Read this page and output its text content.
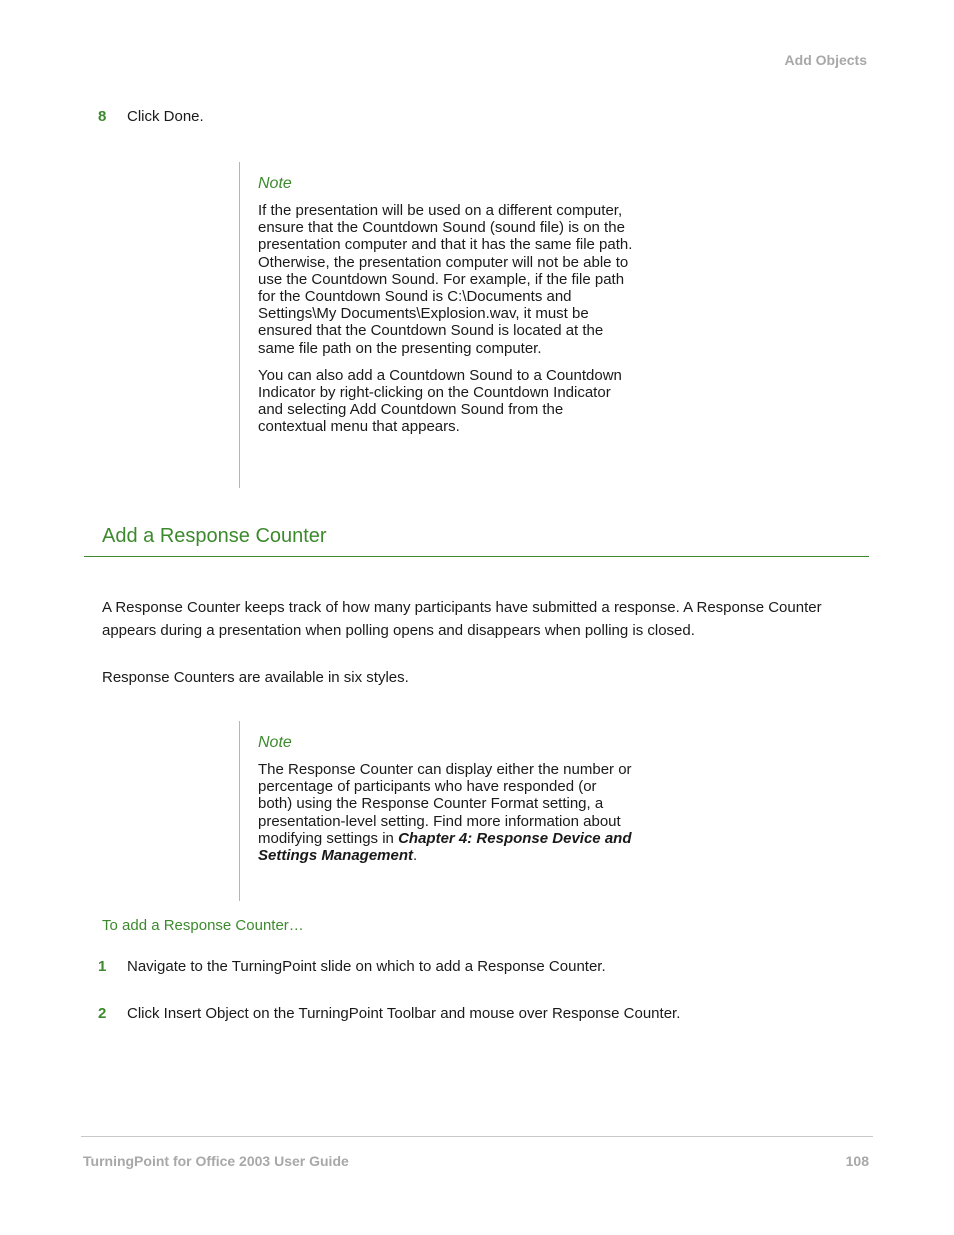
Add Objects
8 Click Done.
Note

If the presentation will be used on a different computer, ensure that the Countdown Sound (sound file) is on the presentation computer and that it has the same file path. Otherwise, the presentation computer will not be able to use the Countdown Sound. For example, if the file path for the Countdown Sound is C:\Documents and Settings\My Documents\Explosion.wav, it must be ensured that the Countdown Sound is located at the same file path on the presenting computer.

You can also add a Countdown Sound to a Countdown Indicator by right-clicking on the Countdown Indicator and selecting Add Countdown Sound from the contextual menu that appears.

Add a Response Counter

A Response Counter keeps track of how many participants have submitted a response. A Response Counter appears during a presentation when polling opens and disappears when polling is closed.

Response Counters are available in six styles.

Note

The Response Counter can display either the number or percentage of participants who have responded (or both) using the Response Counter Format setting, a presentation-level setting. Find more information about modifying settings in Chapter 4: Response Device and Settings Management.

To add a Response Counter…
1 Navigate to the TurningPoint slide on which to add a Response Counter.
2 Click Insert Object on the TurningPoint Toolbar and mouse over Response Counter.
TurningPoint for Office 2003 User Guide	108
